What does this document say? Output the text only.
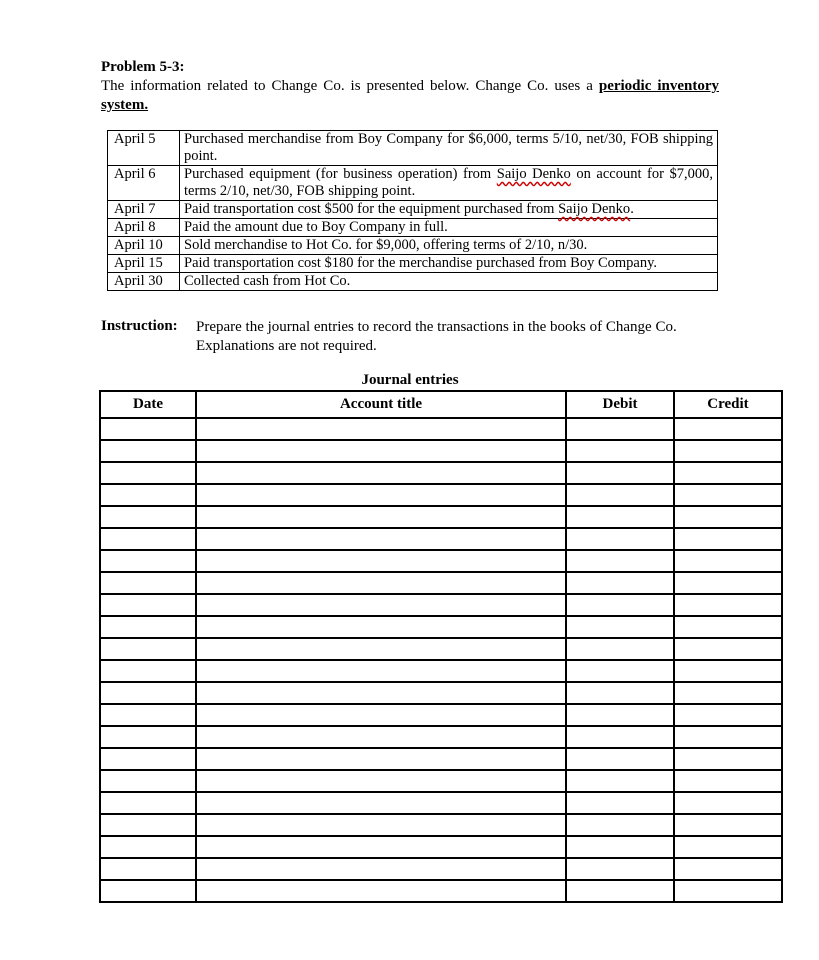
Problem 5-3:
The information related to Change Co. is presented below. Change Co. uses a periodic inventory system.
April 5	Purchased merchandise from Boy Company for $6,000, terms 5/10, net/30, FOB shipping point.
April 6	Purchased equipment (for business operation) from Saijo Denko on account for $7,000, terms 2/10, net/30, FOB shipping point.
April 7	Paid transportation cost $500 for the equipment purchased from Saijo Denko.
April 8	Paid the amount due to Boy Company in full.
April 10	Sold merchandise to Hot Co. for $9,000, offering terms of 2/10, n/30.
April 15	Paid transportation cost $180 for the merchandise purchased from Boy Company.
April 30	Collected cash from Hot Co.
Instruction: Prepare the journal entries to record the transactions in the books of Change Co. Explanations are not required.
Journal entries
Date	Account title	Debit	Credit
